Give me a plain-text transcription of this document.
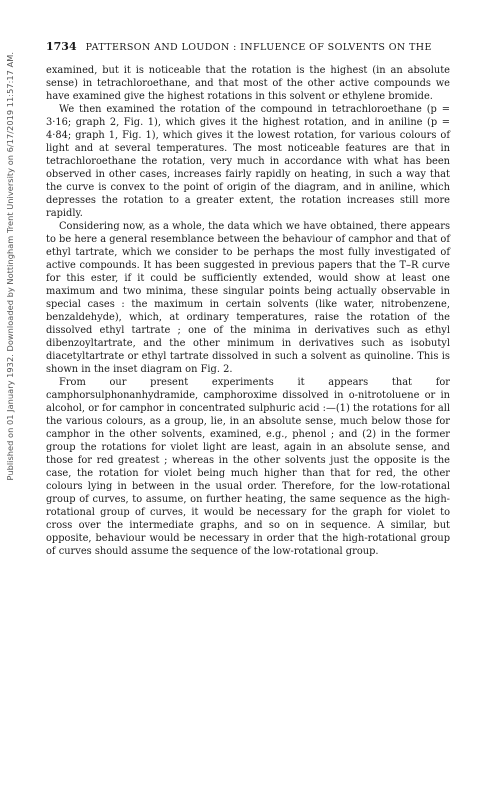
Published on 01 January 1932. Downloaded by Nottingham Trent University on 6/17/2019 11:57:17 AM.
1734 PATTERSON AND LOUDON : INFLUENCE OF SOLVENTS ON THE

examined, but it is noticeable that the rotation is the highest (in an absolute sense) in tetrachloroethane, and that most of the other active compounds we have examined give the highest rotations in this solvent or ethylene bromide.

We then examined the rotation of the compound in tetrachloroethane (p = 3·16; graph 2, Fig. 1), which gives it the highest rotation, and in aniline (p = 4·84; graph 1, Fig. 1), which gives it the lowest rotation, for various colours of light and at several temperatures. The most noticeable features are that in tetrachloroethane the rotation, very much in accordance with what has been observed in other cases, increases fairly rapidly on heating, in such a way that the curve is convex to the point of origin of the diagram, and in aniline, which depresses the rotation to a greater extent, the rotation increases still more rapidly.

Considering now, as a whole, the data which we have obtained, there appears to be here a general resemblance between the behaviour of camphor and that of ethyl tartrate, which we consider to be perhaps the most fully investigated of active compounds. It has been suggested in previous papers that the T–R curve for this ester, if it could be sufficiently extended, would show at least one maximum and two minima, these singular points being actually observable in special cases : the maximum in certain solvents (like water, nitrobenzene, benzaldehyde), which, at ordinary temperatures, raise the rotation of the dissolved ethyl tartrate ; one of the minima in derivatives such as ethyl dibenzoyltartrate, and the other minimum in derivatives such as isobutyl diacetyltartrate or ethyl tartrate dissolved in such a solvent as quinoline. This is shown in the inset diagram on Fig. 2.

From our present experiments it appears that for camphorsulphonanhydramide, camphoroxime dissolved in o-nitrotoluene or in alcohol, or for camphor in concentrated sulphuric acid :—(1) the rotations for all the various colours, as a group, lie, in an absolute sense, much below those for camphor in the other solvents, examined, e.g., phenol ; and (2) in the former group the rotations for violet light are least, again in an absolute sense, and those for red greatest ; whereas in the other solvents just the opposite is the case, the rotation for violet being much higher than that for red, the other colours lying in between in the usual order. Therefore, for the low-rotational group of curves, to assume, on further heating, the same sequence as the high-rotational group of curves, it would be necessary for the graph for violet to cross over the intermediate graphs, and so on in sequence. A similar, but opposite, behaviour would be necessary in order that the high-rotational group of curves should assume the sequence of the low-rotational group.
